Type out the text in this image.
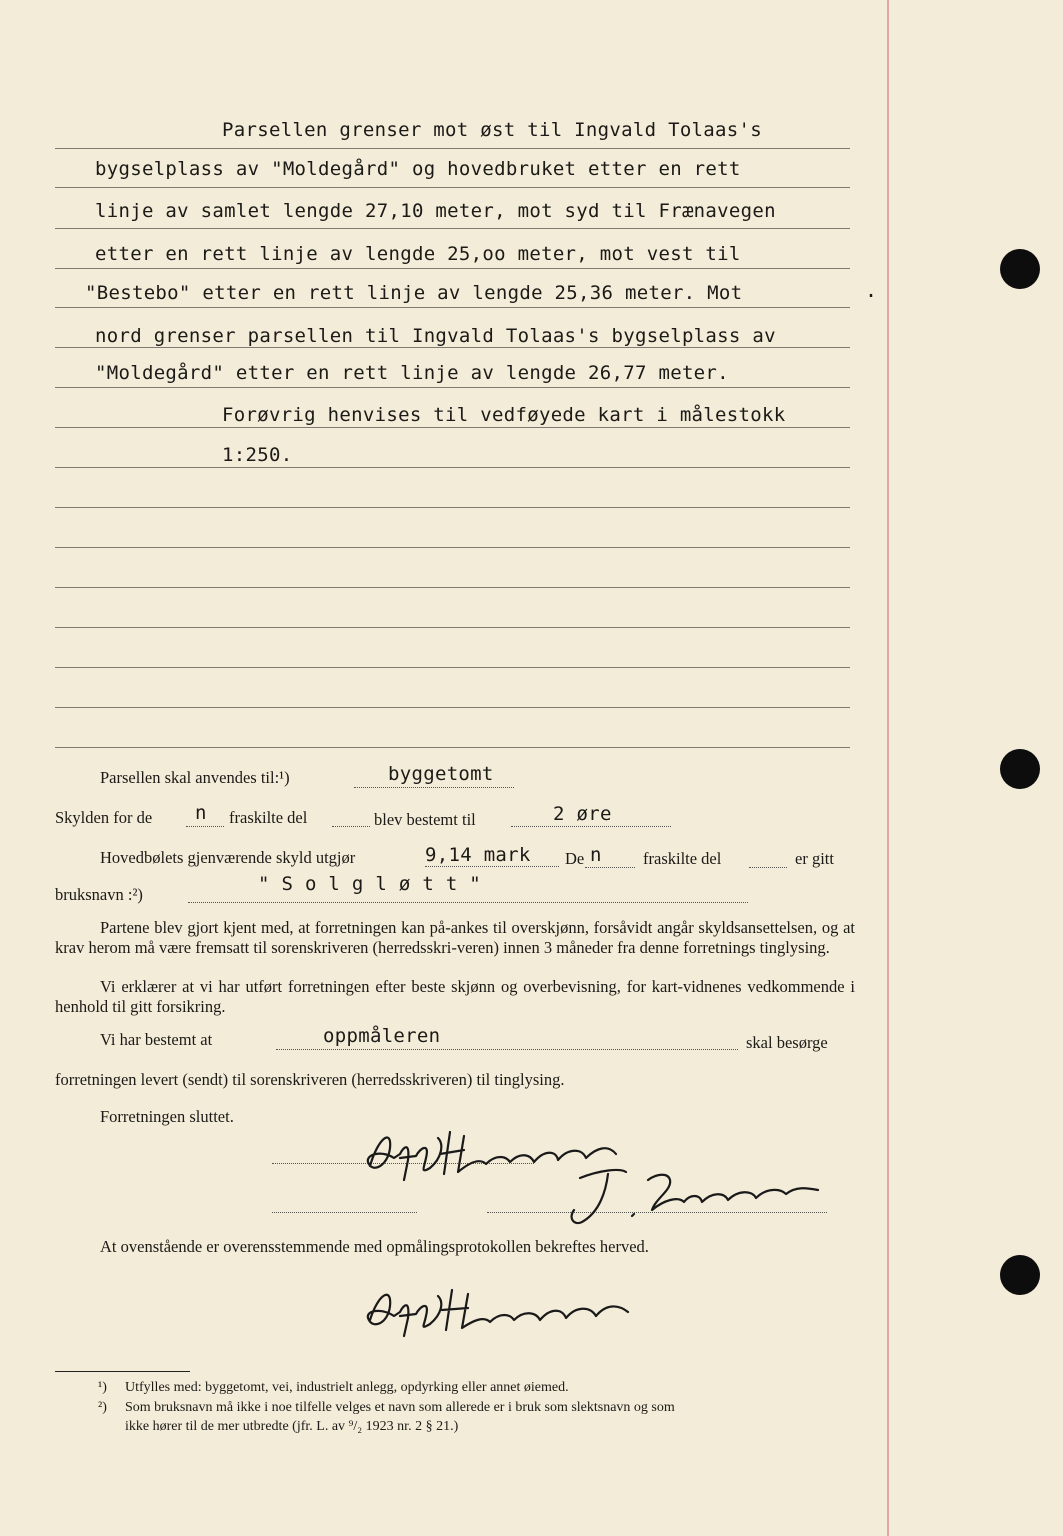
Parsellen grenser mot øst til Ingvald Tolaas's
bygselplass av "Moldegård" og hovedbruket etter en rett
linje av samlet lengde 27,10 meter, mot syd til Frænavegen
etter en rett linje av lengde 25,oo meter, mot vest til
"Bestebo" etter en rett linje av lengde 25,36 meter. Mot	.
nord grenser parsellen til Ingvald Tolaas's bygselplass av
"Moldegård" etter en rett linje av lengde 26,77 meter.
Forøvrig henvises til vedføyede kart i målestokk
1:250.
Parsellen skal anvendes til:¹)	byggetomt
Skylden for de n fraskilte del	blev bestemt til	2 øre
Hovedbølets gjenværende skyld utgjør	9,14 mark De n	fraskilte del	er gitt
bruksnavn :²)	" S o l g l ø t t "
Partene blev gjort kjent med, at forretningen kan på-ankes til overskjønn, forsåvidt angår skyldsansettelsen, og at krav herom må være fremsatt til sorenskriveren (herredsskri-veren) innen 3 måneder fra denne forretnings tinglysing.
Vi erklærer at vi har utført forretningen efter beste skjønn og overbevisning, for kart-vidnenes vedkommende i henhold til gitt forsikring.
Vi har bestemt at	oppmåleren	skal besørge
forretningen levert (sendt) til sorenskriveren (herredsskriveren) til tinglysing.
Forretningen sluttet.
At ovenstående er overensstemmende med opmålingsprotokollen bekreftes herved.
¹) Utfylles med: byggetomt, vei, industrielt anlegg, opdyrking eller annet øiemed.
²) Som bruksnavn må ikke i noe tilfelle velges et navn som allerede er i bruk som slektsnavn og som
ikke hører til de mer utbredte (jfr. L. av ⁹/₂ 1923 nr. 2 § 21.)
